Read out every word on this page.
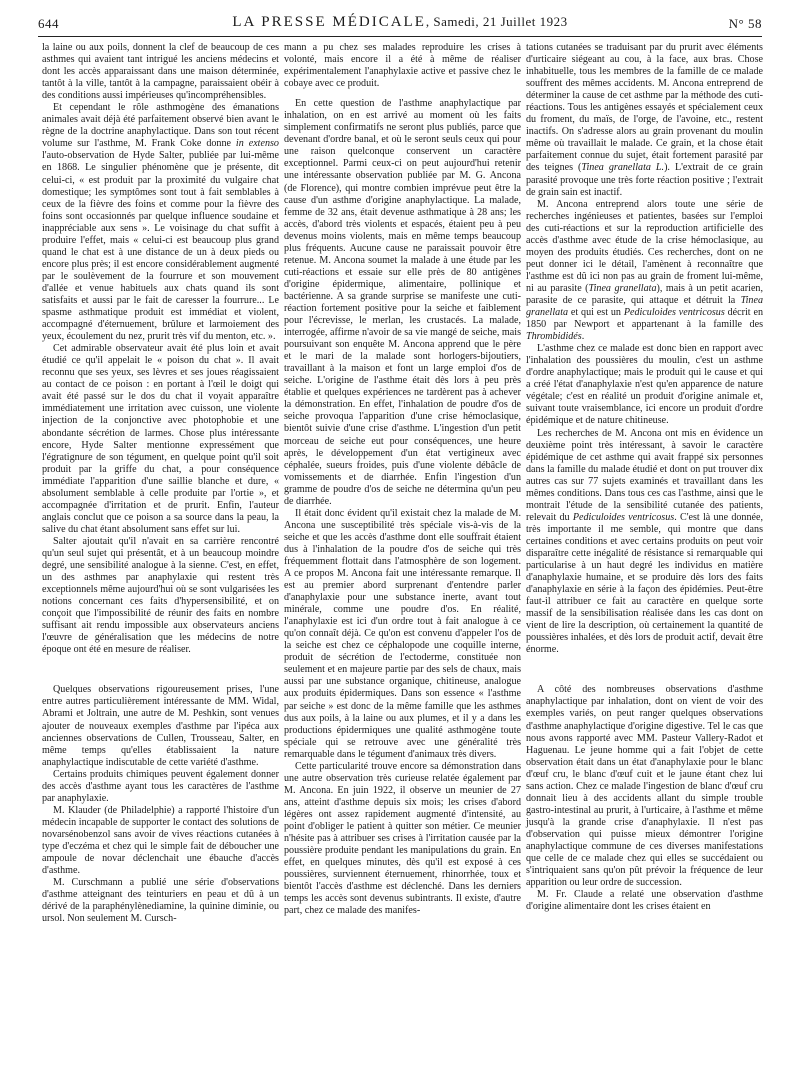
644	LA PRESSE MÉDICALE, Samedi, 21 Juillet 1923	N° 58

la laine ou aux poils, donnent la clef de beaucoup de ces asthmes qui avaient tant intrigué les anciens médecins et dont les accès apparaissant dans une maison déterminée, tantôt à la ville, tantôt à la campagne, paraissaient obéir à des conditions aussi impérieuses qu'incompréhensibles.

Et cependant le rôle asthmogène des émanations animales avait déjà été parfaitement observé bien avant le règne de la doctrine anaphylactique. Dans son tout récent volume sur l'asthme, M. Frank Coke donne in extenso l'auto-observation de Hyde Salter, publiée par lui-même en 1868. Le singulier phénomène que je présente, dit celui-ci, « est produit par la proximité du vulgaire chat domestique; les symptômes sont tout à fait semblables à ceux de la fièvre des foins et comme pour la fièvre des foins sont occasionnés par quelque influence soudaine et inappréciable aux sens ». Le voisinage du chat suffit à produire l'effet, mais « celui-ci est beaucoup plus grand quand le chat est à une distance de un à deux pieds ou encore plus près; il est encore considérablement augmenté par le soulèvement de la fourrure et son mouvement d'allée et venue habituels aux chats quand ils sont satisfaits et aussi par le fait de caresser la fourrure... Le spasme asthmatique produit est immédiat et violent, accompagné d'éternuement, brûlure et larmoiement des yeux, écoulement du nez, prurit très vif du menton, etc. ».

Cet admirable observateur avait été plus loin et avait étudié ce qu'il appelait le « poison du chat ». Il avait reconnu que ses yeux, ses lèvres et ses joues réagissaient au contact de ce poison : en portant à l'œil le doigt qui avait été passé sur le dos du chat il voyait apparaître immédiatement une irritation avec cuisson, une violente injection de la conjonctive avec photophobie et une abondante sécrétion de larmes. Chose plus intéressante encore, Hyde Salter mentionne expressément que l'égratignure de son tégument, en quelque point qu'il soit produit par la griffe du chat, a pour conséquence immédiate l'apparition d'une saillie blanche et dure, « absolument semblable à celle produite par l'ortie », et accompagnée d'irritation et de prurit. Enfin, l'auteur anglais conclut que ce poison a sa source dans la peau, la salive du chat étant absolument sans effet sur lui.

Salter ajoutait qu'il n'avait en sa carrière rencontré qu'un seul sujet qui présentât, et à un beaucoup moindre degré, une sensibilité analogue à la sienne. C'est, en effet, un des asthmes par anaphylaxie qui restent très exceptionnels même aujourd'hui où se sont vulgarisées les notions concernant ces faits d'hypersensibilité, et on conçoit que l'impossibilité de réunir des faits en nombre suffisant ait rendu impossible aux observateurs anciens l'œuvre de généralisation que les médecins de notre époque ont été en mesure de réaliser.

Quelques observations rigoureusement prises, l'une entre autres particulièrement intéressante de MM. Widal, Abrami et Joltrain, une autre de M. Peshkin, sont venues ajouter de nouveaux exemples d'asthme par l'ipéca aux anciennes observations de Cullen, Trousseau, Salter, en même temps qu'elles établissaient la nature anaphylactique indiscutable de cette variété d'asthme.

Certains produits chimiques peuvent également donner des accès d'asthme ayant tous les caractères de l'asthme par anaphylaxie.

M. Klauder (de Philadelphie) a rapporté l'histoire d'un médecin incapable de supporter le contact des solutions de novarsénobenzol sans avoir de vives réactions cutanées à type d'eczéma et chez qui le simple fait de déboucher une ampoule de novar déclenchait une ébauche d'accès d'asthme.

M. Curschmann a publié une série d'observations d'asthme atteignant des teinturiers en peau et dû à un dérivé de la paraphénylènediamine, la quinine diminie, ou ursol. Non seulement M. Cursch-

mann a pu chez ses malades reproduire les crises à volonté, mais encore il a été à même de réaliser expérimentalement l'anaphylaxie active et passive chez le cobaye avec ce produit.

En cette question de l'asthme anaphylactique par inhalation, on en est arrivé au moment où les faits simplement confirmatifs ne seront plus publiés, parce que devenant d'ordre banal, et où le seront seuls ceux qui pour une raison quelconque conservent un caractère exceptionnel. Parmi ceux-ci on peut aujourd'hui retenir une intéressante observation publiée par M. G. Ancona (de Florence), qui montre combien imprévue peut être la cause d'un asthme d'origine anaphylactique. La malade, femme de 32 ans, était devenue asthmatique à 28 ans; les accès, d'abord très violents et espacés, étaient peu à peu devenus moins violents, mais en même temps beaucoup plus fréquents. Aucune cause ne paraissait pouvoir être retenue. M. Ancona soumet la malade à une étude par les cuti-réactions et essaie sur elle près de 80 antigènes d'origine épidermique, alimentaire, pollinique et bactérienne. A sa grande surprise se manifeste une cuti-réaction fortement positive pour la seiche et faiblement pour l'écrevisse, le merlan, les crustacés. La malade, interrogée, affirme n'avoir de sa vie mangé de seiche, mais poursuivant son enquête M. Ancona apprend que le père et le mari de la malade sont horlogers-bijoutiers, travaillant à la maison et font un large emploi d'os de seiche. L'origine de l'asthme était dès lors à peu près établie et quelques expériences ne tardèrent pas à achever la démonstration. En effet, l'inhalation de poudre d'os de seiche provoqua l'apparition d'une crise hémoclasique, bientôt suivie d'une crise d'asthme. L'ingestion d'un petit morceau de seiche eut pour conséquences, une heure après, le développement d'un état vertigineux avec céphalée, sueurs froides, puis d'une violente débâcle de vomissements et de diarrhée. Enfin l'ingestion d'un gramme de poudre d'os de seiche ne détermina qu'un peu de diarrhée.

Il était donc évident qu'il existait chez la malade de M. Ancona une susceptibilité très spéciale vis-à-vis de la seiche et que les accès d'asthme dont elle souffrait étaient dus à l'inhalation de la poudre d'os de seiche qui très fréquemment flottait dans l'atmosphère de son logement. A ce propos M. Ancona fait une intéressante remarque. Il est au premier abord surprenant d'entendre parler d'anaphylaxie pour une substance inerte, avant tout minérale, comme une poudre d'os. En réalité, l'anaphylaxie est ici d'un ordre tout à fait analogue à ce qu'on connaît déjà. Ce qu'on est convenu d'appeler l'os de la seiche est chez ce céphalopode une coquille interne, produit de sécrétion de l'ectoderme, constituée non seulement et en majeure partie par des sels de chaux, mais aussi par une substance organique, chitineuse, analogue aux produits épidermiques. Dans son essence « l'asthme par seiche » est donc de la même famille que les asthmes dus aux poils, à la laine ou aux plumes, et il y a dans les productions épidermiques une qualité asthmogène toute spéciale qui se retrouve avec une généralité très remarquable dans le tégument d'animaux très divers.

Cette particularité trouve encore sa démonstration dans une autre observation très curieuse relatée également par M. Ancona. En juin 1922, il observe un meunier de 27 ans, atteint d'asthme depuis six mois; les crises d'abord légères ont assez rapidement augmenté d'intensité, au point d'obliger le patient à quitter son métier. Ce meunier n'hésite pas à attribuer ses crises à l'irritation causée par la poussière produite pendant les manipulations du grain. En effet, en quelques minutes, dès qu'il est exposé à ces poussières, surviennent éternuement, rhinorrhée, toux et bientôt l'accès d'asthme est déclenché. Dans les derniers temps les accès sont devenus subintrants. Il existe, d'autre part, chez ce malade des manifes-

tations cutanées se traduisant par du prurit avec éléments d'urticaire siégeant au cou, à la face, aux bras. Chose inhabituelle, tous les membres de la famille de ce malade souffrent des mêmes accidents. M. Ancona entreprend de déterminer la cause de cet asthme par la méthode des cuti-réactions. Tous les antigènes essayés et spécialement ceux du froment, du maïs, de l'orge, de l'avoine, etc., restent inactifs. On s'adresse alors au grain provenant du moulin même où travaillait le malade. Ce grain, et la chose était parfaitement connue du sujet, était fortement parasité par des teignes (Tinea granellata L.). L'extrait de ce grain parasité provoque une très forte réaction positive ; l'extrait de grain sain est inactif.

M. Ancona entreprend alors toute une série de recherches ingénieuses et patientes, basées sur l'emploi des cuti-réactions et sur la reproduction artificielle des accès d'asthme avec étude de la crise hémoclasique, au moyen des produits étudiés. Ces recherches, dont on ne peut donner ici le détail, l'amènent à reconnaître que l'asthme est dû ici non pas au grain de froment lui-même, ni au parasite (Tinea granellata), mais à un petit acarien, parasite de ce parasite, qui attaque et détruit la Tinea granellata et qui est un Pediculoides ventricosus décrit en 1850 par Newport et appartenant à la famille des Thrombididés.

L'asthme chez ce malade est donc bien en rapport avec l'inhalation des poussières du moulin, c'est un asthme d'ordre anaphylactique; mais le produit qui le cause et qui a créé l'état d'anaphylaxie n'est qu'en apparence de nature végétale; c'est en réalité un produit d'origine animale et, suivant toute vraisemblance, ici encore un produit d'ordre épidémique et de nature chitineuse.

Les recherches de M. Ancona ont mis en évidence un deuxième point très intéressant, à savoir le caractère épidémique de cet asthme qui avait frappé six personnes dans la famille du malade étudié et dont on put trouver dix autres cas sur 77 sujets examinés et travaillant dans les mêmes conditions. Dans tous ces cas l'asthme, ainsi que le montrait l'étude de la sensibilité cutanée des patients, relevait du Pediculoides ventricosus. C'est là une donnée, très importante il me semble, qui montre que dans certaines conditions et avec certains produits on peut voir disparaître cette inégalité de résistance si remarquable qui particularise à un haut degré les individus en matière d'anaphylaxie humaine, et se produire dès lors des faits d'anaphylaxie en série à la façon des épidémies. Peut-être faut-il attribuer ce fait au caractère en quelque sorte massif de la sensibilisation réalisée dans les cas dont on vient de lire la description, où certainement la quantité de poussières inhalées, et dès lors de produit actif, devait être énorme.

A côté des nombreuses observations d'asthme anaphylactique par inhalation, dont on vient de voir des exemples variés, on peut ranger quelques observations d'asthme anaphylactique d'origine digestive. Tel le cas que nous avons rapporté avec MM. Pasteur Vallery-Radot et Haguenau. Le jeune homme qui a fait l'objet de cette observation était dans un état d'anaphylaxie pour le blanc d'œuf cru, le blanc d'œuf cuit et le jaune étant chez lui sans action. Chez ce malade l'ingestion de blanc d'œuf cru donnait lieu à des accidents allant du simple trouble gastro-intestinal au prurit, à l'urticaire, à l'asthme et même jusqu'à la grande crise d'anaphylaxie. Il n'est pas d'observation qui puisse mieux démontrer l'origine anaphylactique commune de ces diverses manifestations que celle de ce malade chez qui elles se succédaient ou s'intriquaient sans qu'on pût prévoir la fréquence de leur apparition ou leur ordre de succession.

M. Fr. Claude a relaté une observation d'asthme d'origine alimentaire dont les crises étaient en
